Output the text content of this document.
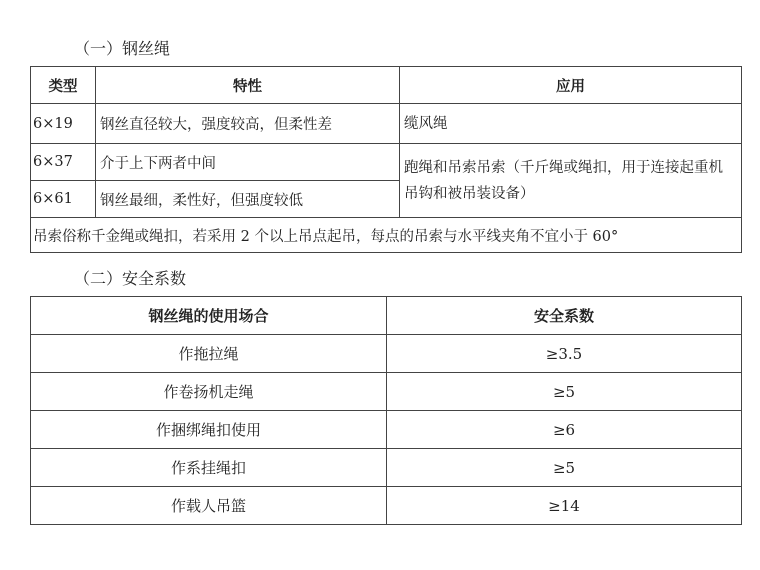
（一）钢丝绳
类型	特性	应用
6×19	钢丝直径较大，强度较高，但柔性差	缆风绳
6×37	介于上下两者中间	跑绳和吊索吊索（千斤绳或绳扣，用于连接起重机吊钩和被吊装设备）
6×61	钢丝最细，柔性好，但强度较低	
吊索俗称千金绳或绳扣，若采用 2 个以上吊点起吊，每点的吊索与水平线夹角不宜小于 60°		
（二）安全系数
钢丝绳的使用场合	安全系数
作拖拉绳	≥3.5
作卷扬机走绳	≥5
作捆绑绳扣使用	≥6
作系挂绳扣	≥5
作载人吊篮	≥14
